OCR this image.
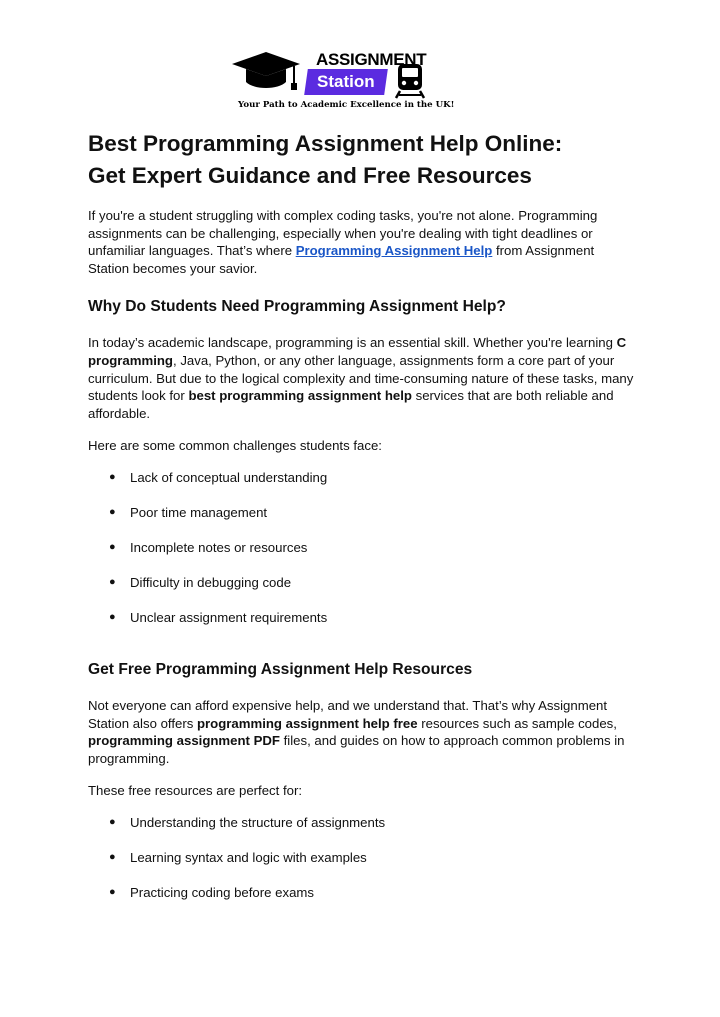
ASSIGNMENT
Station
Your Path to Academic Excellence in the UK!
Best Programming Assignment Help Online:
Get Expert Guidance and Free Resources

If you're a student struggling with complex coding tasks, you're not alone. Programming assignments can be challenging, especially when you're dealing with tight deadlines or unfamiliar languages. That’s where Programming Assignment Help from Assignment Station becomes your savior.

Why Do Students Need Programming Assignment Help?

In today’s academic landscape, programming is an essential skill. Whether you're learning C programming, Java, Python, or any other language, assignments form a core part of your curriculum. But due to the logical complexity and time-consuming nature of these tasks, many students look for best programming assignment help services that are both reliable and affordable.

Here are some common challenges students face:

● Lack of conceptual understanding
● Poor time management
● Incomplete notes or resources
● Difficulty in debugging code
● Unclear assignment requirements
Get Free Programming Assignment Help Resources

Not everyone can afford expensive help, and we understand that. That’s why Assignment Station also offers programming assignment help free resources such as sample codes, programming assignment PDF files, and guides on how to approach common problems in programming.

These free resources are perfect for:

● Understanding the structure of assignments
● Learning syntax and logic with examples
● Practicing coding before exams
